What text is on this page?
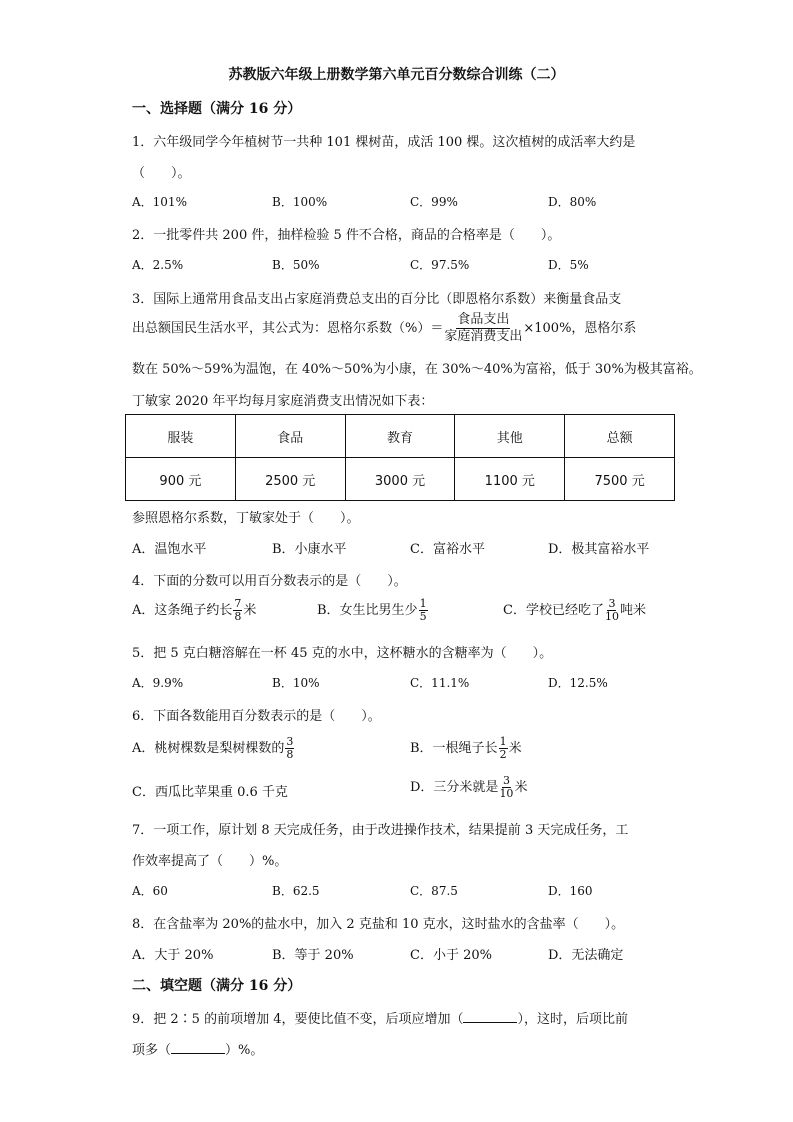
苏教版六年级上册数学第六单元百分数综合训练（二）
一、选择题（满分 16 分）
1．六年级同学今年植树节一共种 101 棵树苗，成活 100 棵。这次植树的成活率大约是
（　　）。
A．101%	B．100%	C．99%	D．80%
2．一批零件共 200 件，抽样检验 5 件不合格，商品的合格率是（　　）。
A．2.5%	B．50%	C．97.5%	D．5%
3．国际上通常用食品支出占家庭消费总支出的百分比（即恩格尔系数）来衡量食品支
出总额国民生活水平，其公式为：恩格尔系数（%）＝ $\frac{\text{食品支出}}{\text{家庭消费支出}} \times 100\%$，恩格尔系
数在 50%～59%为温饱，在 40%～50%为小康，在 30%～40%为富裕，低于 30%为极其富裕。
丁敏家 2020 年平均每月家庭消费支出情况如下表：
服装	食品	教育	其他	总额
900 元	2500 元	3000 元	1100 元	7500 元
参照恩格尔系数，丁敏家处于（　　）。
A．温饱水平	B．小康水平	C．富裕水平	D．极其富裕水平
4．下面的分数可以用百分数表示的是（　　）。
A．这条绳子约长 $\frac{7}{8}$ 米	B．女生比男生少 $\frac{1}{5}$	C．学校已经吃了 $\frac{3}{10}$ 吨米
5．把 5 克白糖溶解在一杯 45 克的水中，这杯糖水的含糖率为（　　）。
A．9.9%	B．10%	C．11.1%	D．12.5%
6．下面各数能用百分数表示的是（　　）。
A．桃树棵数是梨树棵数的 $\frac{3}{8}$	B．一根绳子长 $\frac{1}{2}$ 米
C．西瓜比苹果重 0.6 千克	D．三分米就是 $\frac{3}{10}$ 米
7．一项工作，原计划 8 天完成任务，由于改进操作技术，结果提前 3 天完成任务，工
作效率提高了（　　）%。
A．60	B．62.5	C．87.5	D．160
8．在含盐率为 20%的盐水中，加入 2 克盐和 10 克水，这时盐水的含盐率（　　）。
A．大于 20%	B．等于 20%	C．小于 20%	D．无法确定
二、填空题（满分 16 分）
9．把 2∶5 的前项增加 4，要使比值不变，后项应增加（	），这时，后项比前
项多（	）%。
